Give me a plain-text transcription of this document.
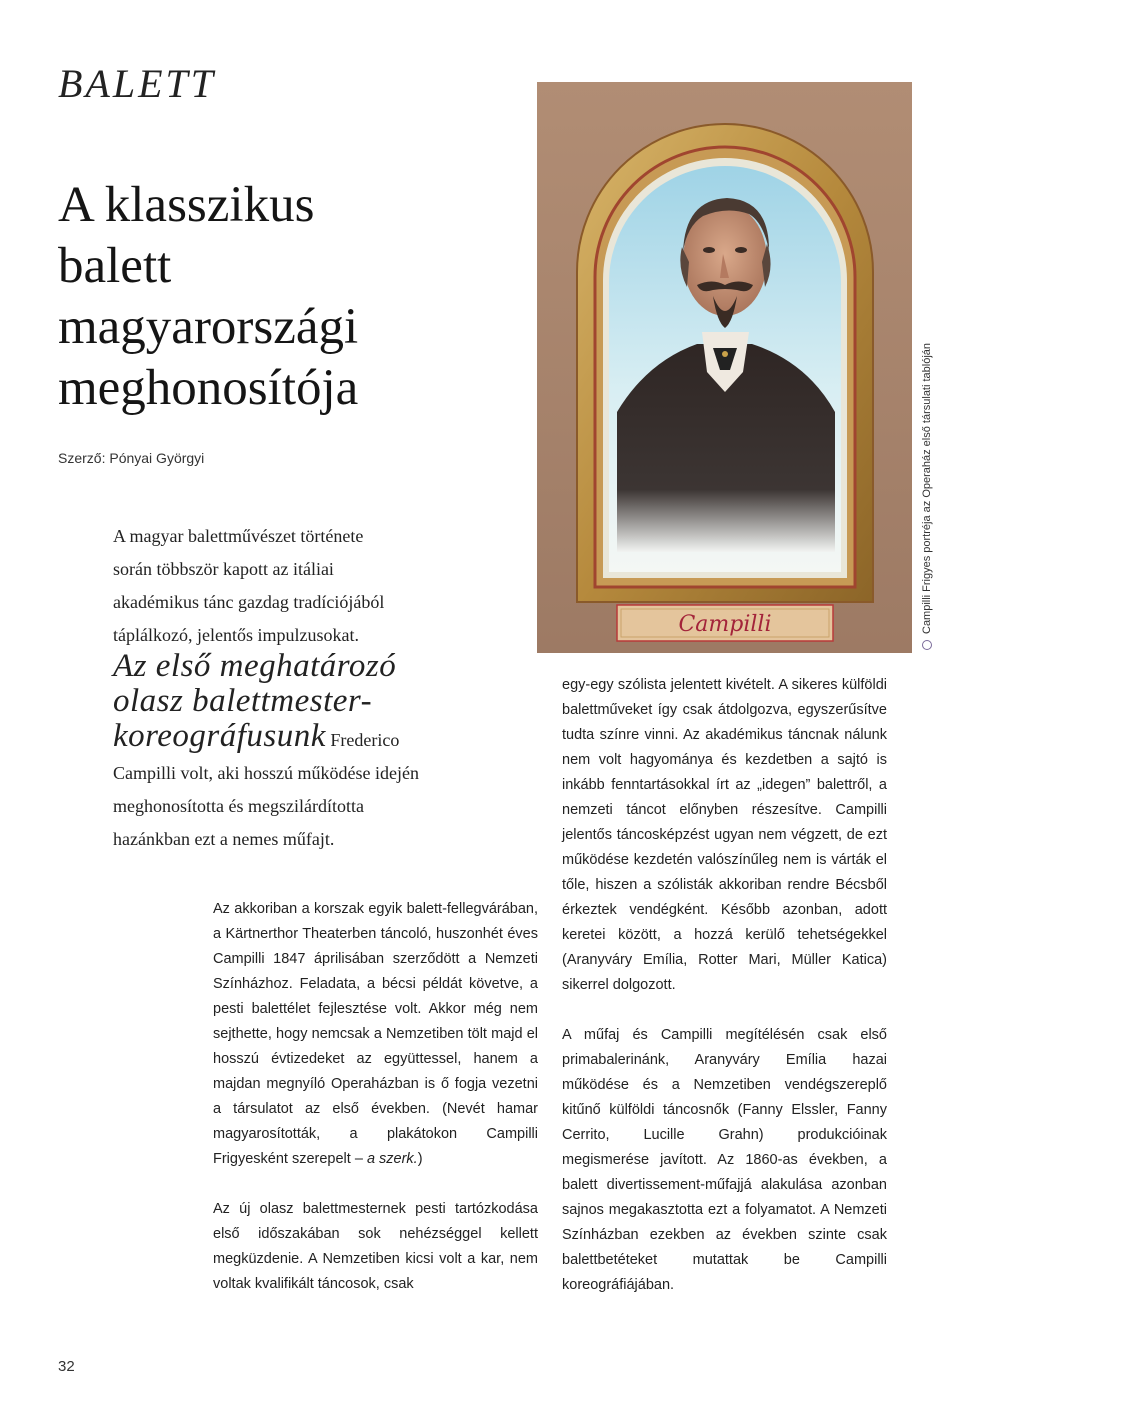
BALETT
A klasszikus
balett
magyarországi
meghonosítója
Szerző: Pónyai Györgyi
A magyar balettművészet története
során többször kapott az itáliai
akadémikus tánc gazdag tradíciójából
táplálkozó, jelentős impulzusokat.
Az első meghatározó
olasz balettmester-
koreográfusunk Frederico
Campilli volt, aki hosszú működése idején
meghonosította és megszilárdította
hazánkban ezt a nemes műfajt.

Az akkoriban a korszak egyik balett-fellegvárában, a Kärtnerthor Theaterben táncoló, huszonhét éves Campilli 1847 áprilisában szerződött a Nemzeti Színházhoz. Feladata, a bécsi példát követve, a pesti balettélet fejlesztése volt. Akkor még nem sejthette, hogy nemcsak a Nemzetiben tölt majd el hosszú évtizedeket az együttessel, hanem a majdan megnyíló Operaházban is ő fogja vezetni a társulatot az első években. (Nevét hamar magyarosították, a plakátokon Campilli Frigyesként szerepelt – a szerk.)

Az új olasz balettmesternek pesti tartózkodása első időszakában sok nehézséggel kellett megküzdenie. A Nemzetiben kicsi volt a kar, nem voltak kvalifikált táncosok, csak

egy-egy szólista jelentett kivételt. A sikeres külföldi balettműveket így csak átdolgozva, egyszerűsítve tudta színre vinni. Az akadémikus táncnak nálunk nem volt hagyománya és kezdetben a sajtó is inkább fenntartásokkal írt az „idegen” balettről, a nemzeti táncot előnyben részesítve. Campilli jelentős táncosképzést ugyan nem végzett, de ezt működése kezdetén valószínűleg nem is várták el tőle, hiszen a szólisták akkoriban rendre Bécsből érkeztek vendégként. Később azonban, adott keretei között, a hozzá kerülő tehetségekkel (Aranyváry Emília, Rotter Mari, Müller Katica) sikerrel dolgozott.

A műfaj és Campilli megítélésén csak első primabalerinánk, Aranyváry Emília hazai működése és a Nemzetiben vendégszereplő kitűnő külföldi táncosnők (Fanny Elssler, Fanny Cerrito, Lucille Grahn) produkcióinak megismerése javított. Az 1860-as években, a balett divertissement-műfajjá alakulása azonban sajnos megakasztotta ezt a folyamatot. A Nemzeti Színházban ezekben az években szinte csak balettbetéteket mutattak be Campilli koreográfiájában.

Campilli	Campilli Frigyes portréja az Operaház első társulati tablóján
32
